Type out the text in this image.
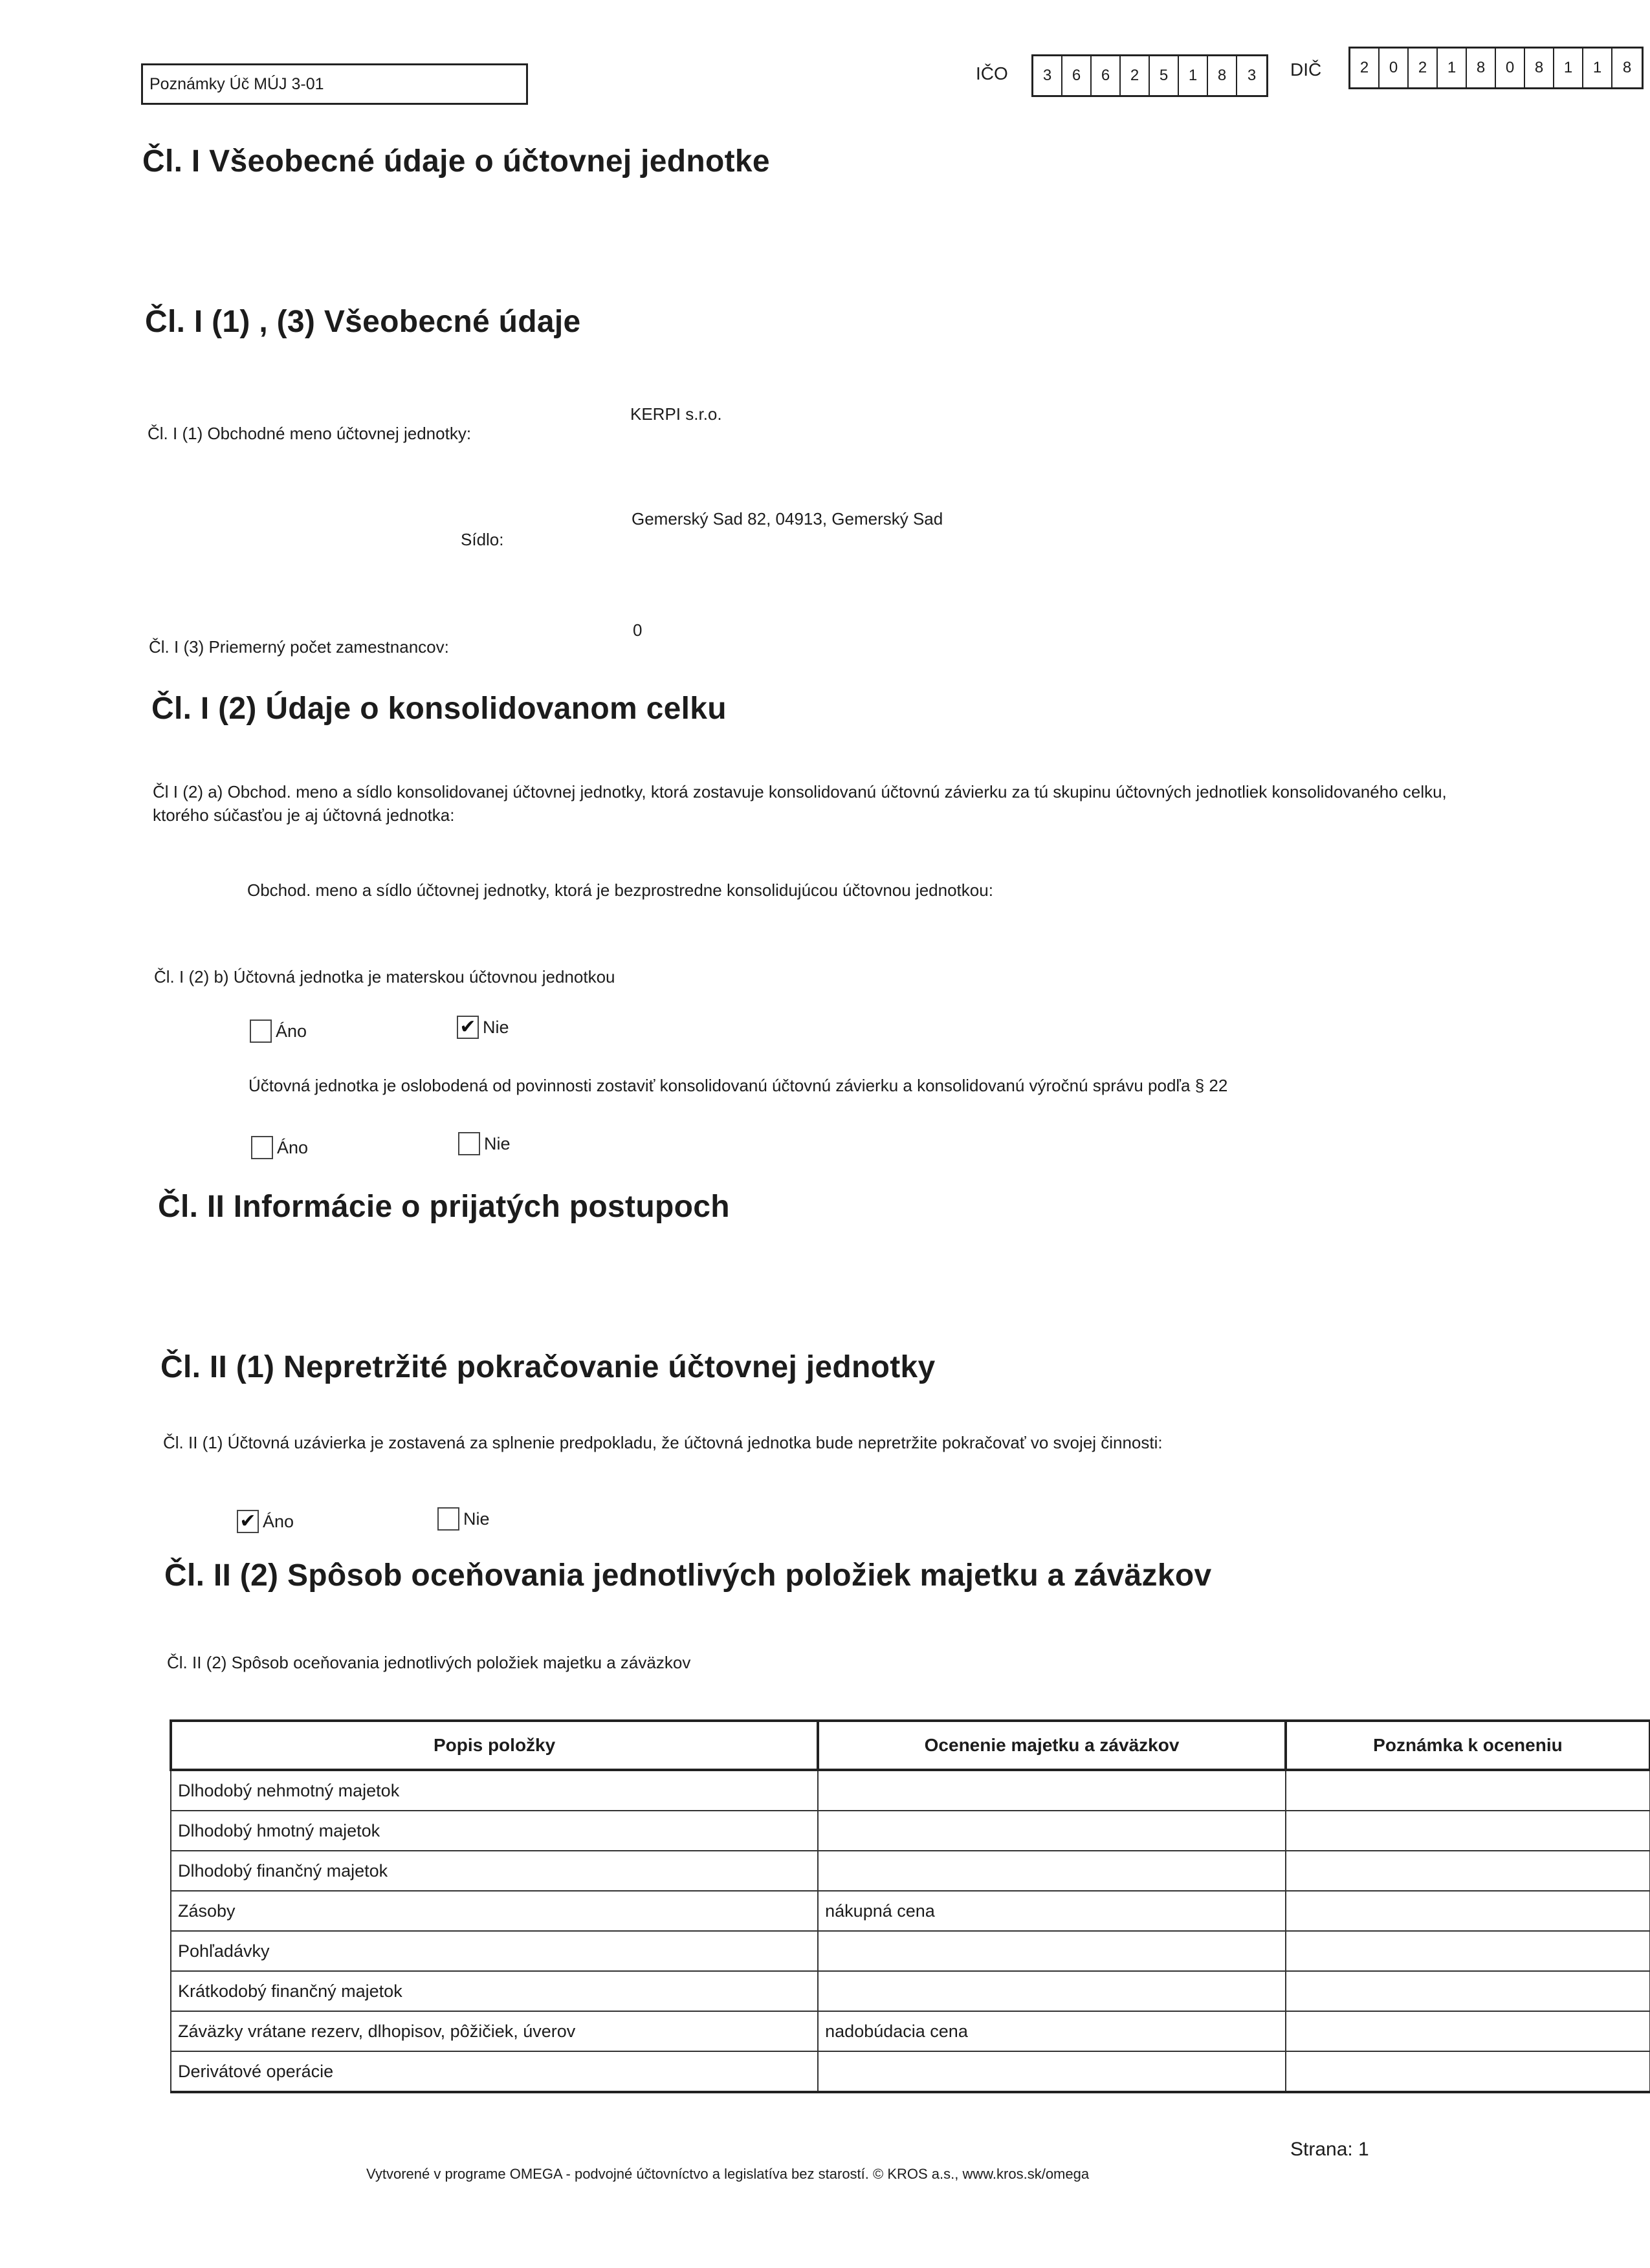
Poznámky Úč MÚJ 3-01
IČO	3	6	6	2	5	1	8	3	DIČ	2	0	2	1	8	0	8	1	1	8
Čl. I Všeobecné údaje o účtovnej jednotke
Čl. I (1) , (3) Všeobecné údaje
Čl. I (1) Obchodné meno účtovnej jednotky:
KERPI s.r.o.
Sídlo:
Gemerský Sad 82, 04913, Gemerský Sad
Čl. I (3) Priemerný počet zamestnancov:
0
Čl. I (2) Údaje o konsolidovanom celku
Čl I (2) a) Obchod. meno a sídlo konsolidovanej účtovnej jednotky, ktorá zostavuje konsolidovanú účtovnú závierku za tú skupinu účtovných jednotliek konsolidovaného celku,
ktorého súčasťou je aj účtovná jednotka:
Obchod. meno a sídlo účtovnej jednotky, ktorá je bezprostredne konsolidujúcou účtovnou jednotkou:
Čl. I (2) b) Účtovná jednotka je materskou účtovnou jednotkou
Áno	✔ Nie
Účtovná jednotka je oslobodená od povinnosti zostaviť konsolidovanú účtovnú závierku a konsolidovanú výročnú správu podľa § 22
Áno	Nie
Čl. II Informácie o prijatých postupoch
Čl. II (1) Nepretržité pokračovanie účtovnej jednotky
Čl. II (1) Účtovná uzávierka je zostavená za splnenie predpokladu, že účtovná jednotka bude nepretržite pokračovať vo svojej činnosti:
✔ Áno	Nie
Čl. II (2) Spôsob oceňovania jednotlivých položiek majetku a záväzkov
Čl. II (2) Spôsob oceňovania jednotlivých položiek majetku a záväzkov
Popis položky	Ocenenie majetku a záväzkov	Poznámka k oceneniu
Dlhodobý nehmotný majetok		
Dlhodobý hmotný majetok		
Dlhodobý finančný majetok		
Zásoby	nákupná cena	
Pohľadávky		
Krátkodobý finančný majetok		
Záväzky vrátane rezerv, dlhopisov, pôžičiek, úverov	nadobúdacia cena	
Derivátové operácie		
Strana: 1
Vytvorené v programe OMEGA - podvojné účtovníctvo a legislatíva bez starostí. © KROS a.s., www.kros.sk/omega
